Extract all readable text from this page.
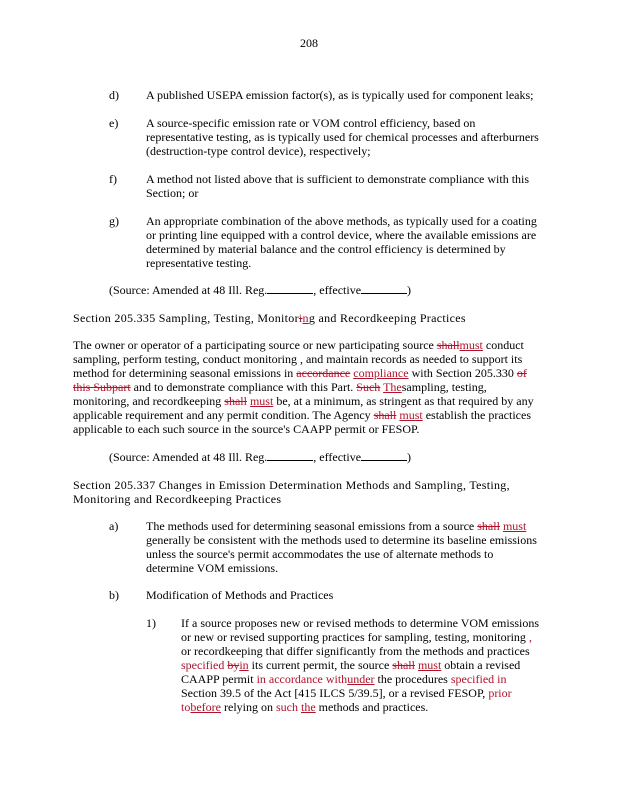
208
d) A published USEPA emission factor(s), as is typically used for component leaks;
e) A source-specific emission rate or VOM control efficiency, based on representative testing, as is typically used for chemical processes and afterburners (destruction-type control device), respectively;
f) A method not listed above that is sufficient to demonstrate compliance with this Section; or
g) An appropriate combination of the above methods, as typically used for a coating or printing line equipped with a control device, where the available emissions are determined by material balance and the control efficiency is determined by representative testing.
(Source: Amended at 48 Ill. Reg.	, effective	)
Section 205.335 Sampling, Testing, Monitoring and Recordkeeping Practices
The owner or operator of a participating source or new participating source shallmust conduct sampling, perform testing, conduct monitoring , and maintain records as needed to support its method for determining seasonal emissions in accordance compliance with Section 205.330 of this Subpart and to demonstrate compliance with this Part. Such Thesampling, testing, monitoring, and recordkeeping shall must be, at a minimum, as stringent as that required by any applicable requirement and any permit condition. The Agency shall must establish the practices applicable to each such source in the source's CAAPP permit or FESOP.
(Source: Amended at 48 Ill. Reg.	, effective	)
Section 205.337 Changes in Emission Determination Methods and Sampling, Testing,
Monitoring and Recordkeeping Practices
a) The methods used for determining seasonal emissions from a source shall must generally be consistent with the methods used to determine its baseline emissions unless the source's permit accommodates the use of alternate methods to determine VOM emissions.
b) Modification of Methods and Practices
1) If a source proposes new or revised methods to determine VOM emissions or new or revised supporting practices for sampling, testing, monitoring , or recordkeeping that differ significantly from the methods and practices specified byin its current permit, the source shall must obtain a revised CAAPP permit in accordance withunder the procedures specified in Section 39.5 of the Act [415 ILCS 5/39.5], or a revised FESOP, prior tobefore relying on such the methods and practices.
